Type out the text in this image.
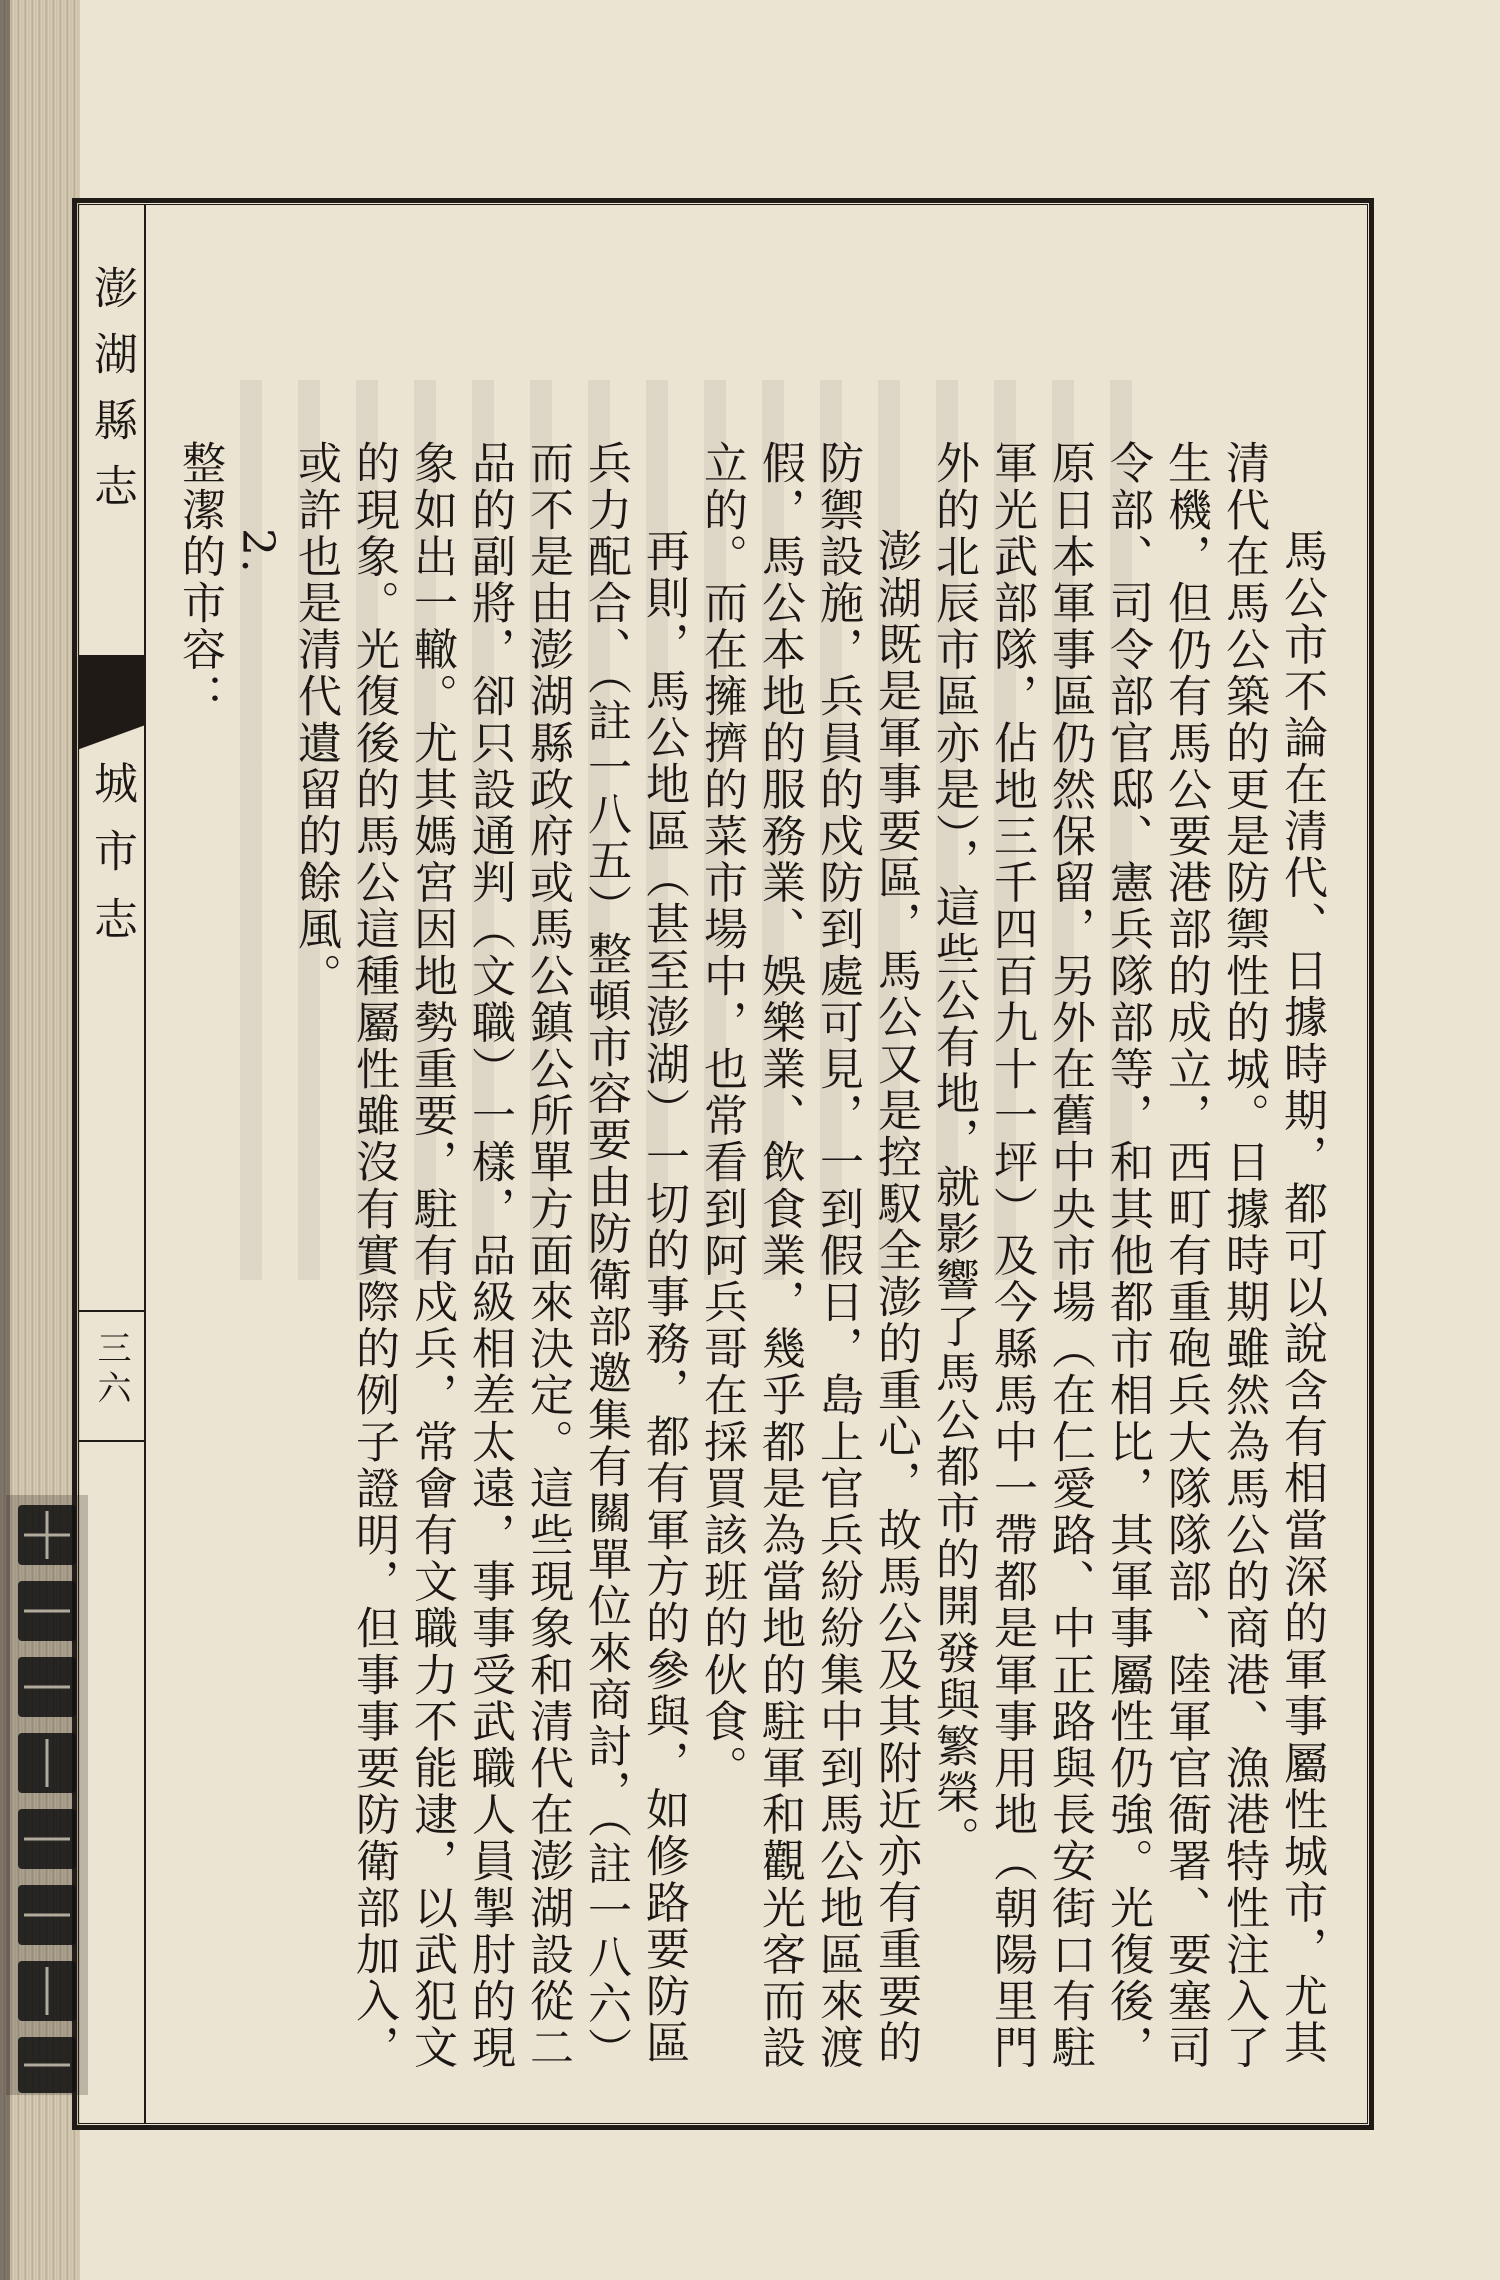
澎湖縣志
城市志
三六	馬公市不論在清代、日據時期，都可以說含有相當深的軍事屬性城市，尤其清代在馬公築的更是防禦性的城。日據時期雖然為馬公的商港、漁港特性注入了生機，但仍有馬公要港部的成立，西町有重砲兵大隊隊部、陸軍官衙署、要塞司令部、司令部官邸、憲兵隊部等，和其他都市相比，其軍事屬性仍強。光復後，原日本軍事區仍然保留，另外在舊中央市場（在仁愛路、中正路與長安街口有駐軍光武部隊，佔地三千四百九十一坪）及今縣馬中一帶都是軍事用地（朝陽里門外的北辰市區亦是），這些公有地，就影響了馬公都市的開發與繁榮。

澎湖既是軍事要區，馬公又是控馭全澎的重心，故馬公及其附近亦有重要的防禦設施，兵員的戍防到處可見，一到假日，島上官兵紛紛集中到馬公地區來渡假，馬公本地的服務業、娛樂業、飲食業，幾乎都是為當地的駐軍和觀光客而設立的。而在擁擠的菜市場中，也常看到阿兵哥在採買該班的伙食。

再則，馬公地區（甚至澎湖）一切的事務，都有軍方的參與，如修路要防區兵力配合、（註一八五）整頓市容要由防衛部邀集有關單位來商討，（註一八六）而不是由澎湖縣政府或馬公鎮公所單方面來決定。這些現象和清代在澎湖設從二品的副將，卻只設通判（文職）一樣，品級相差太遠，事事受武職人員掣肘的現象如出一轍。尤其媽宮因地勢重要，駐有戍兵，常會有文職力不能逮，以武犯文的現象。光復後的馬公這種屬性雖沒有實際的例子證明，但事事要防衛部加入，或許也是清代遺留的餘風。

2.

整潔的市容：
